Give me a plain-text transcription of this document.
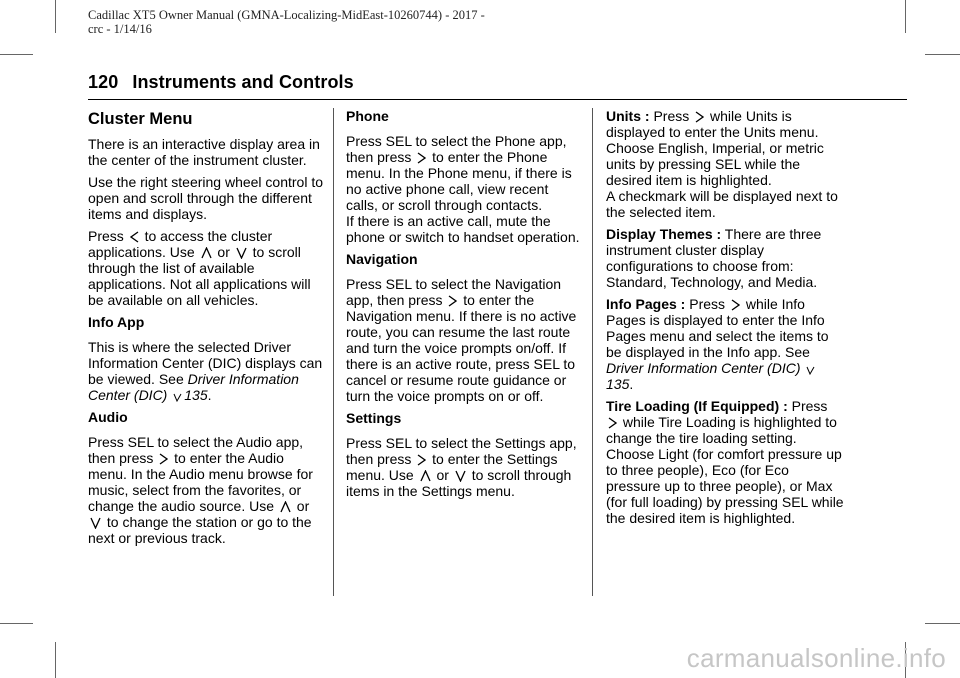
Cadillac XT5 Owner Manual (GMNA-Localizing-MidEast-10260744) - 2017 -
crc - 1/14/16
120 Instruments and Controls

Cluster Menu

There is an interactive display area in the center of the instrument cluster.

Use the right steering wheel control to open and scroll through the different items and displays.

Press to access the cluster applications. Use or to scroll through the list of available applications. Not all applications will be available on all vehicles.

Info App

This is where the selected Driver Information Center (DIC) displays can be viewed. See Driver Information Center (DIC) 135.

Audio

Press SEL to select the Audio app, then press to enter the Audio menu. In the Audio menu browse for music, select from the favorites, or change the audio source. Use or
to change the station or go to the next or previous track.

Phone

Press SEL to select the Phone app, then press to enter the Phone menu. In the Phone menu, if there is no active phone call, view recent calls, or scroll through contacts.

If there is an active call, mute the phone or switch to handset operation.

Navigation

Press SEL to select the Navigation app, then press to enter the Navigation menu. If there is no active route, you can resume the last route and turn the voice prompts on/off. If there is an active route, press SEL to cancel or resume route guidance or turn the voice prompts on or off.

Settings

Press SEL to select the Settings app, then press to enter the Settings menu. Use or to scroll through items in the Settings menu.

Units : Press while Units is displayed to enter the Units menu. Choose English, Imperial, or metric units by pressing SEL while the desired item is highlighted.

A checkmark will be displayed next to the selected item.

Display Themes : There are three instrument cluster display configurations to choose from: Standard, Technology, and Media.

Info Pages : Press while Info Pages is displayed to enter the Info Pages menu and select the items to be displayed in the Info app. See Driver Information Center (DIC)
135.

Tire Loading (If Equipped) : Press
while Tire Loading is highlighted to change the tire loading setting. Choose Light (for comfort pressure up to three people), Eco (for Eco pressure up to three people), or Max (for full loading) by pressing SEL while the desired item is highlighted.

carmanualsonline.info
